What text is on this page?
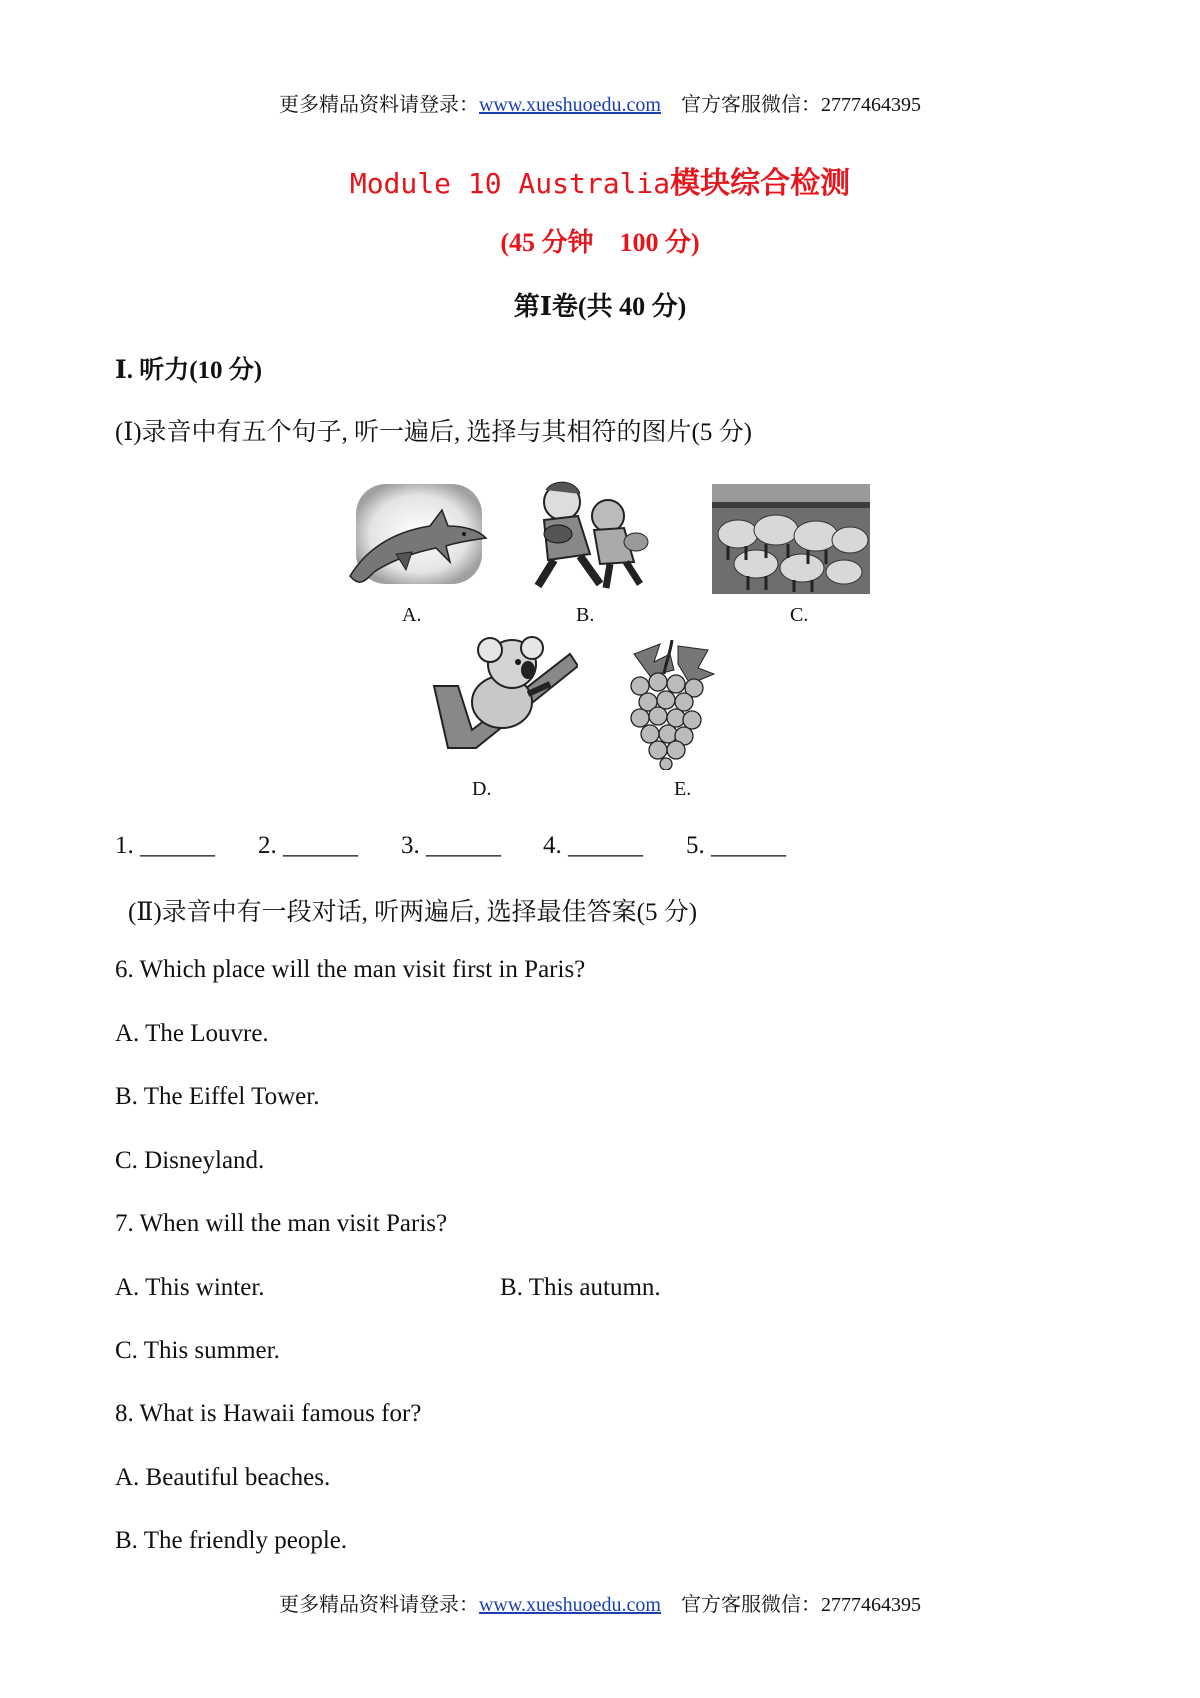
更多精品资料请登录：www.xueshuoedu.com 官方客服微信：2777464395
Module 10 Australia模块综合检测
(45 分钟　100 分)
第Ⅰ卷(共 40 分)
Ⅰ. 听力(10 分)
(Ⅰ)录音中有五个句子, 听一遍后, 选择与其相符的图片(5 分)
A.	B.	C.
D.	E.
1. ______ 2. ______ 3. ______ 4. ______ 5. ______
(Ⅱ)录音中有一段对话, 听两遍后, 选择最佳答案(5 分)
6. Which place will the man visit first in Paris?
A. The Louvre.
B. The Eiffel Tower.
C. Disneyland.
7. When will the man visit Paris?
A. This winter.	B. This autumn.
C. This summer.
8. What is Hawaii famous for?
A. Beautiful beaches.
B. The friendly people.
更多精品资料请登录：www.xueshuoedu.com 官方客服微信：2777464395
